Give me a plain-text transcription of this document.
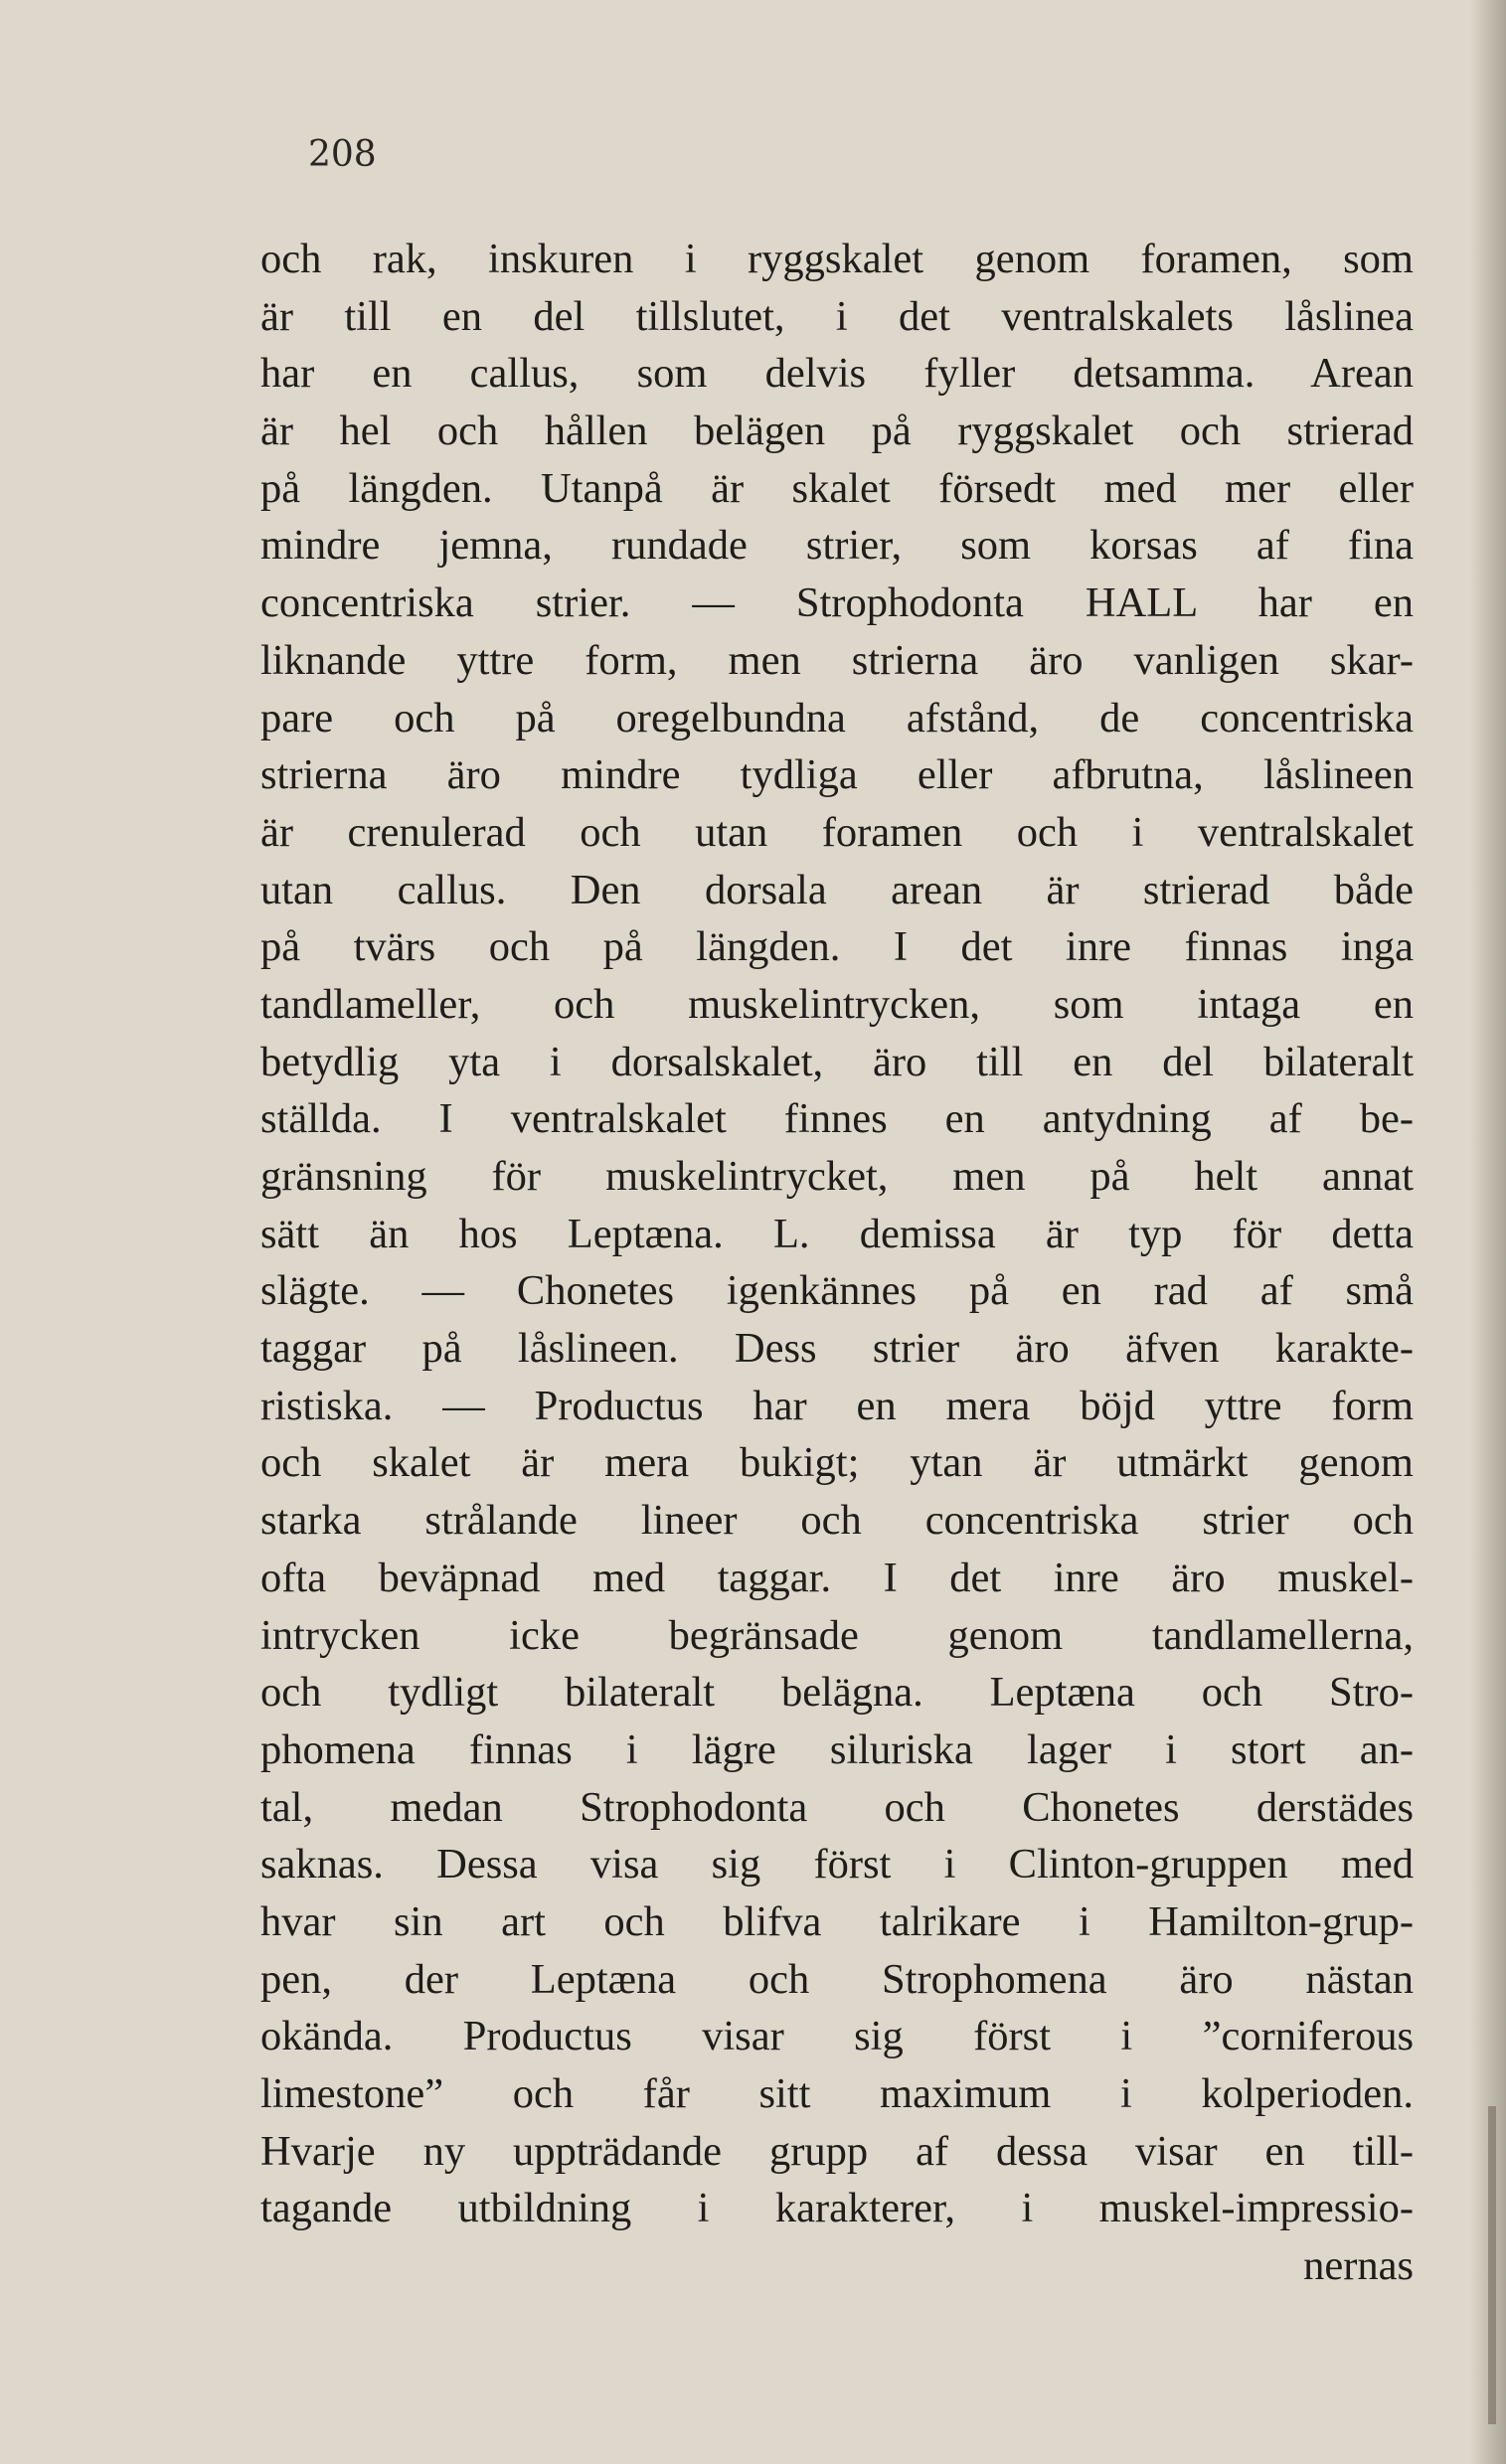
208
och rak, inskuren i ryggskalet genom foramen, som
är till en del tillslutet, i det ventralskalets låslinea
har en callus, som delvis fyller detsamma. Arean
är hel och hållen belägen på ryggskalet och strierad
på längden. Utanpå är skalet försedt med mer eller
mindre jemna, rundade strier, som korsas af fina
concentriska strier. — Strophodonta HALL har en
liknande yttre form, men strierna äro vanligen skar-
pare och på oregelbundna afstånd, de concentriska
strierna äro mindre tydliga eller afbrutna, låslineen
är crenulerad och utan foramen och i ventralskalet
utan callus. Den dorsala arean är strierad både
på tvärs och på längden. I det inre finnas inga
tandlameller, och muskelintrycken, som intaga en
betydlig yta i dorsalskalet, äro till en del bilateralt
ställda. I ventralskalet finnes en antydning af be-
gränsning för muskelintrycket, men på helt annat
sätt än hos Leptæna. L. demissa är typ för detta
slägte. — Chonetes igenkännes på en rad af små
taggar på låslineen. Dess strier äro äfven karakte-
ristiska. — Productus har en mera böjd yttre form
och skalet är mera bukigt; ytan är utmärkt genom
starka strålande lineer och concentriska strier och
ofta beväpnad med taggar. I det inre äro muskel-
intrycken icke begränsade genom tandlamellerna,
och tydligt bilateralt belägna. Leptæna och Stro-
phomena finnas i lägre siluriska lager i stort an-
tal, medan Strophodonta och Chonetes derstädes
saknas. Dessa visa sig först i Clinton-gruppen med
hvar sin art och blifva talrikare i Hamilton-grup-
pen, der Leptæna och Strophomena äro nästan
okända. Productus visar sig först i ”corniferous
limestone” och får sitt maximum i kolperioden.
Hvarje ny uppträdande grupp af dessa visar en till-
tagande utbildning i karakterer, i muskel-impressio-
nernas
